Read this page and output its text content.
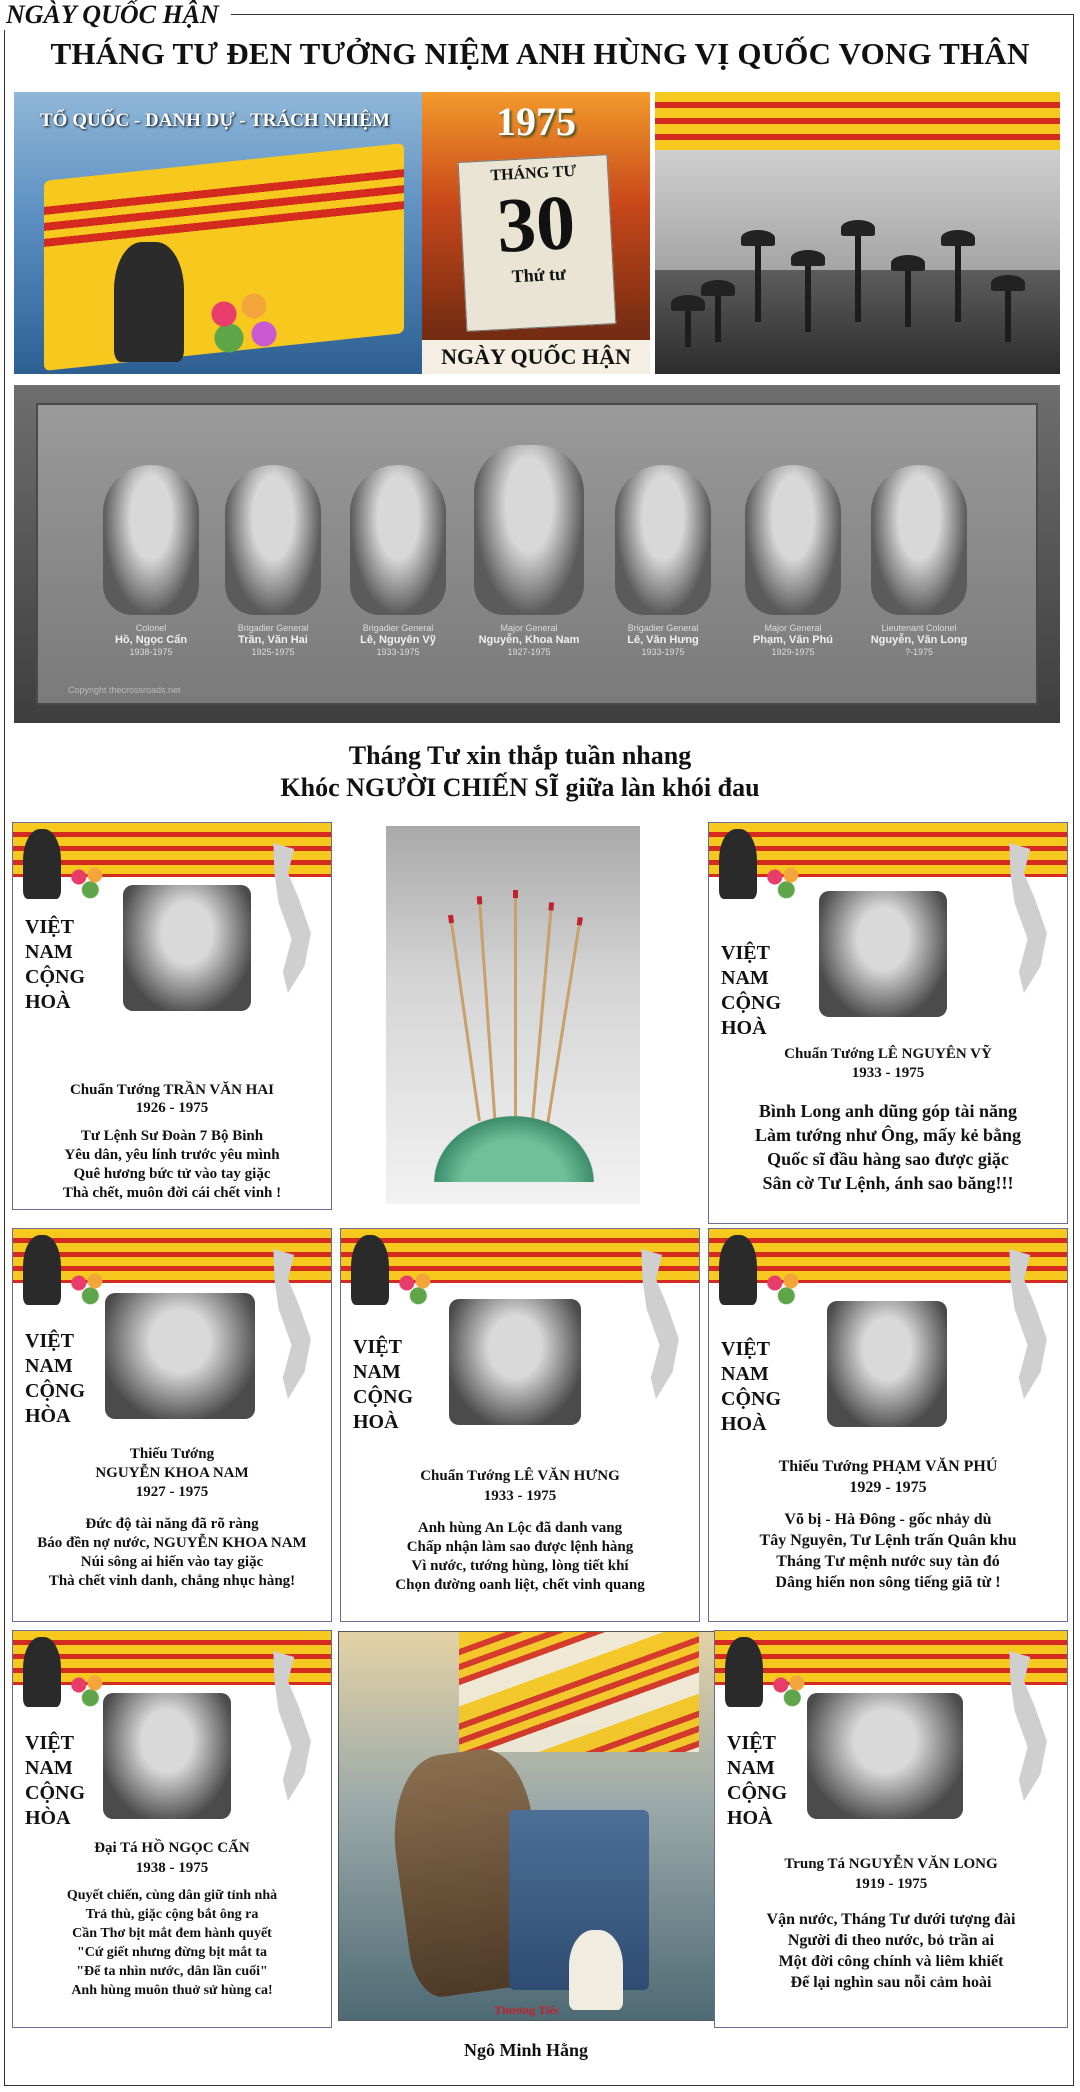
NGÀY QUỐC HẬN
THÁNG TƯ ĐEN TƯỞNG NIỆM ANH HÙNG VỊ QUỐC VONG THÂN
TỔ QUỐC - DANH DỰ - TRÁCH NHIỆM	1975
THÁNG TƯ
30
Thứ tư
NGÀY QUỐC HẬN
Colonel
Hồ, Ngọc Cẩn
1938-1975
Brigadier General
Trần, Văn Hai
1925-1975
Brigadier General
Lê, Nguyên Vỹ
1933-1975
Major General
Nguyễn, Khoa Nam
1927-1975
Brigadier General
Lê, Văn Hưng
1933-1975
Major General
Phạm, Văn Phú
1929-1975
Lieutenant Colonel
Nguyễn, Văn Long
?-1975
Copyright thecrossroads.net
Tháng Tư xin thắp tuần nhang
Khóc NGƯỜI CHIẾN SĨ giữa làn khói đau
VIỆT
NAM
CỘNG
HOÀ
Chuẩn Tướng TRẦN VĂN HAI
1926 - 1975
Tư Lệnh Sư Đoàn 7 Bộ Binh
Yêu dân, yêu lính trước yêu mình
Quê hương bức tử vào tay giặc
Thà chết, muôn đời cái chết vinh !
VIỆT
NAM
CỘNG
HOÀ
Chuẩn Tướng LÊ NGUYÊN VỸ
1933 - 1975
Bình Long anh dũng góp tài năng
Làm tướng như Ông, mấy kẻ bằng
Quốc sĩ đầu hàng sao được giặc
Sân cờ Tư Lệnh, ánh sao băng!!!
VIỆT
NAM
CỘNG
HÒA
Thiếu Tướng
NGUYỄN KHOA NAM
1927 - 1975
Đức độ tài năng đã rõ ràng
Báo đền nợ nước, NGUYỄN KHOA NAM
Núi sông ai hiến vào tay giặc
Thà chết vinh danh, chẳng nhục hàng!
VIỆT
NAM
CỘNG
HOÀ
Chuẩn Tướng LÊ VĂN HƯNG
1933 - 1975
Anh hùng An Lộc đã danh vang
Chấp nhận làm sao được lệnh hàng
Vì nước, tướng hùng, lòng tiết khí
Chọn đường oanh liệt, chết vinh quang
VIỆT
NAM
CỘNG
HOÀ
Thiếu Tướng PHẠM VĂN PHÚ
1929 - 1975
Võ bị - Hà Đông - gốc nhảy dù
Tây Nguyên, Tư Lệnh trấn Quân khu
Tháng Tư mệnh nước suy tàn đó
Dâng hiến non sông tiếng giã từ !
VIỆT
NAM
CỘNG
HÒA
Đại Tá HỒ NGỌC CẨN
1938 - 1975
Quyết chiến, cùng dân giữ tỉnh nhà
Trả thù, giặc cộng bắt ông ra
Cần Thơ bịt mắt đem hành quyết
"Cứ giết nhưng đừng bịt mắt ta
"Để ta nhìn nước, dân lần cuối"
Anh hùng muôn thuở sử hùng ca!
Thương Tiếc
VIỆT
NAM
CỘNG
HOÀ
Trung Tá NGUYỄN VĂN LONG
1919 - 1975
Vận nước, Tháng Tư dưới tượng đài
Người đi theo nước, bỏ trần ai
Một đời công chính và liêm khiết
Để lại nghìn sau nỗi cảm hoài
Ngô Minh Hằng
